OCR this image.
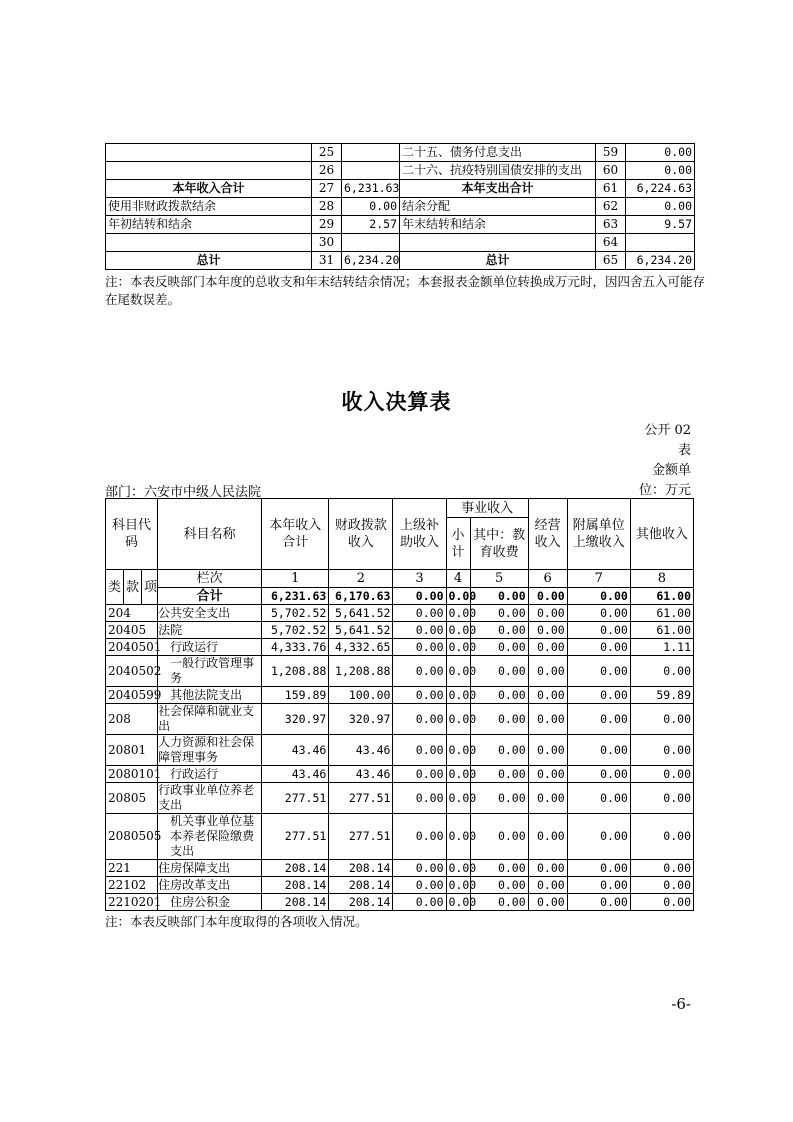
	25		二十五、债务付息支出	59	0.00
	26		二十六、抗疫特别国债安排的支出	60	0.00
本年收入合计	27	6,231.63	本年支出合计	61	6,224.63
使用非财政拨款结余	28	0.00	结余分配	62	0.00
年初结转和结余	29	2.57	年末结转和结余	63	9.57
	30			64	
总计	31	6,234.20	总计	65	6,234.20
注：本表反映部门本年度的总收支和年末结转结余情况；本套报表金额单位转换成万元时，因四舍五入可能存在尾数误差。
收入决算表
公开 02
表
金额单
位：万元
部门：六安市中级人民法院
科目代码			科目名称	本年收入合计	财政拨款收入	上级补助收入	事业收入		经营收入	附属单位上缴收入	其他收入
							小计	其中：教育收费			
类	款	项	栏次	1	2	3	4	5	6	7	8
			合计	6,231.63	6,170.63	0.00	0.00	0.00	0.00	0.00	61.00
204			公共安全支出	5,702.52	5,641.52	0.00	0.00	0.00	0.00	0.00	61.00
20405			法院	5,702.52	5,641.52	0.00	0.00	0.00	0.00	0.00	61.00
2040501			行政运行	4,333.76	4,332.65	0.00	0.00	0.00	0.00	0.00	1.11
2040502			一般行政管理事务	1,208.88	1,208.88	0.00	0.00	0.00	0.00	0.00	0.00
2040599			其他法院支出	159.89	100.00	0.00	0.00	0.00	0.00	0.00	59.89
208			社会保障和就业支出	320.97	320.97	0.00	0.00	0.00	0.00	0.00	0.00
20801			人力资源和社会保障管理事务	43.46	43.46	0.00	0.00	0.00	0.00	0.00	0.00
2080101			行政运行	43.46	43.46	0.00	0.00	0.00	0.00	0.00	0.00
20805			行政事业单位养老支出	277.51	277.51	0.00	0.00	0.00	0.00	0.00	0.00
2080505			机关事业单位基本养老保险缴费支出	277.51	277.51	0.00	0.00	0.00	0.00	0.00	0.00
221			住房保障支出	208.14	208.14	0.00	0.00	0.00	0.00	0.00	0.00
22102			住房改革支出	208.14	208.14	0.00	0.00	0.00	0.00	0.00	0.00
2210201			住房公积金	208.14	208.14	0.00	0.00	0.00	0.00	0.00	0.00
注：本表反映部门本年度取得的各项收入情况。
-6-
